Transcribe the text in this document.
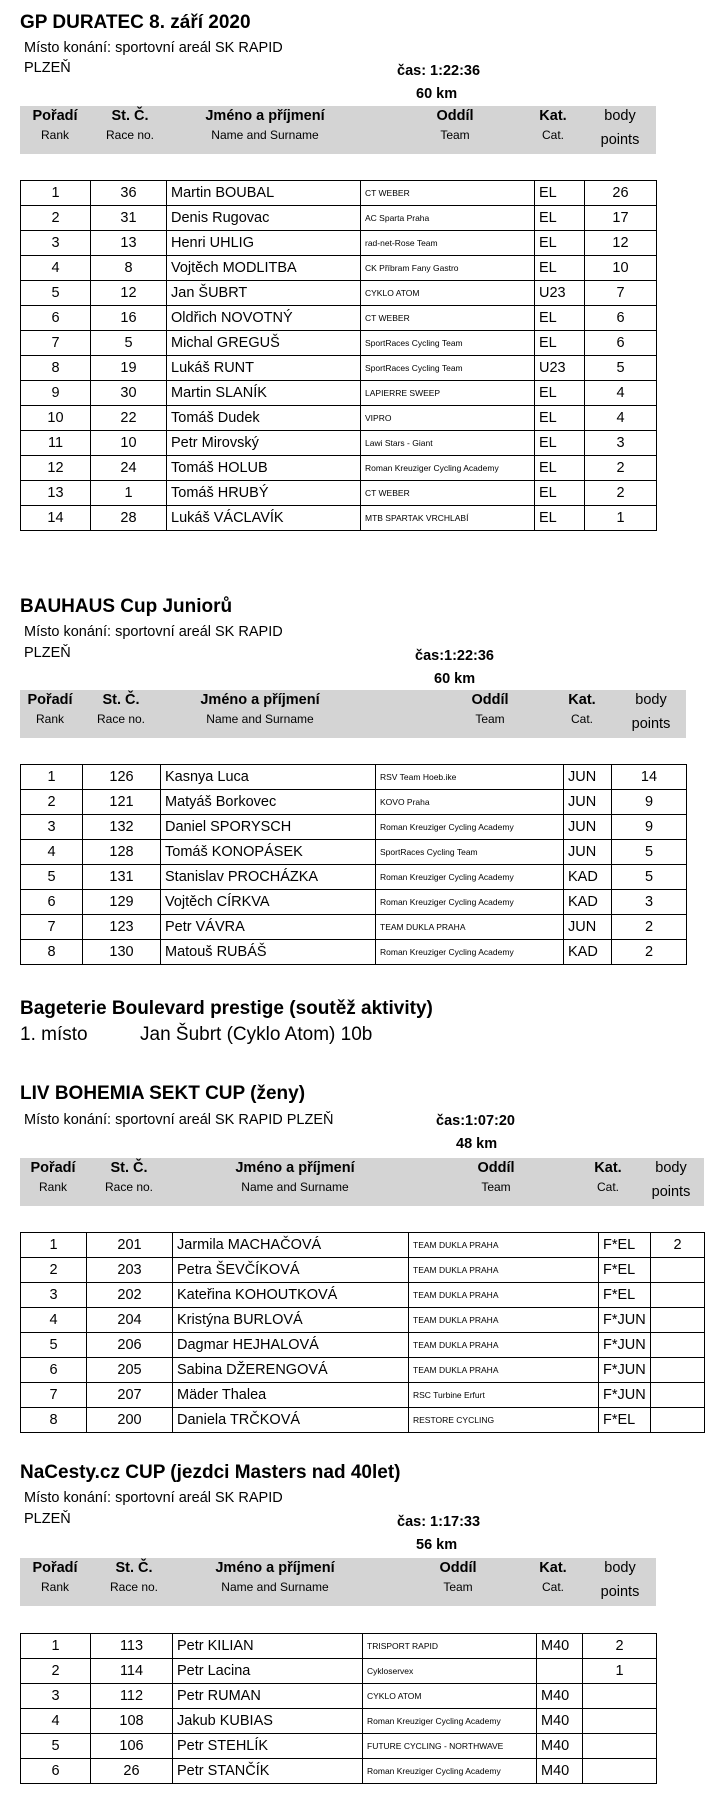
GP DURATEC 8. září 2020
Místo konání: sportovní areál SK RAPID
PLZEŇ	čas: 1:22:36
60 km
Pořadí
Rank
St. Č.
Race no.
Jméno a příjmení
Name and Surname
Oddíl
Team
Kat.
Cat.
body
points
1	36	Martin BOUBAL	CT WEBER	EL	26
2	31	Denis Rugovac	AC Sparta Praha	EL	17
3	13	Henri UHLIG	rad-net-Rose Team	EL	12
4	8	Vojtěch MODLITBA	CK Příbram Fany Gastro	EL	10
5	12	Jan ŠUBRT	CYKLO ATOM	U23	7
6	16	Oldřich NOVOTNÝ	CT WEBER	EL	6
7	5	Michal GREGUŠ	SportRaces Cycling Team	EL	6
8	19	Lukáš RUNT	SportRaces Cycling Team	U23	5
9	30	Martin SLANÍK	LAPIERRE SWEEP	EL	4
10	22	Tomáš Dudek	VIPRO	EL	4
11	10	Petr Mirovský	Lawi Stars - Giant	EL	3
12	24	Tomáš HOLUB	Roman Kreuziger Cycling Academy	EL	2
13	1	Tomáš HRUBÝ	CT WEBER	EL	2
14	28	Lukáš VÁCLAVÍK	MTB SPARTAK VRCHLABÍ	EL	1
BAUHAUS Cup Juniorů
Místo konání: sportovní areál SK RAPID
PLZEŇ	čas:1:22:36
60 km
Pořadí
Rank
St. Č.
Race no.
Jméno a příjmení
Name and Surname
Oddíl
Team
Kat.
Cat.
body
points
1	126	Kasnya Luca	RSV Team Hoeb.ike	JUN	14
2	121	Matyáš Borkovec	KOVO Praha	JUN	9
3	132	Daniel SPORYSCH	Roman Kreuziger Cycling Academy	JUN	9
4	128	Tomáš KONOPÁSEK	SportRaces Cycling Team	JUN	5
5	131	Stanislav PROCHÁZKA	Roman Kreuziger Cycling Academy	KAD	5
6	129	Vojtěch CÍRKVA	Roman Kreuziger Cycling Academy	KAD	3
7	123	Petr VÁVRA	TEAM DUKLA PRAHA	JUN	2
8	130	Matouš RUBÁŠ	Roman Kreuziger Cycling Academy	KAD	2
Bageterie Boulevard prestige (soutěž aktivity)
1. místo	Jan Šubrt (Cyklo Atom) 10b
LIV BOHEMIA SEKT CUP (ženy)
Místo konání: sportovní areál SK RAPID PLZEŇ	čas:1:07:20
48 km
Pořadí
Rank
St. Č.
Race no.
Jméno a příjmení
Name and Surname
Oddíl
Team
Kat.
Cat.
body
points
1	201	Jarmila MACHAČOVÁ	TEAM DUKLA PRAHA	F*EL	2
2	203	Petra ŠEVČÍKOVÁ	TEAM DUKLA PRAHA	F*EL	
3	202	Kateřina KOHOUTKOVÁ	TEAM DUKLA PRAHA	F*EL	
4	204	Kristýna BURLOVÁ	TEAM DUKLA PRAHA	F*JUN	
5	206	Dagmar HEJHALOVÁ	TEAM DUKLA PRAHA	F*JUN	
6	205	Sabina DŽERENGOVÁ	TEAM DUKLA PRAHA	F*JUN	
7	207	Mäder Thalea	RSC Turbine Erfurt	F*JUN	
8	200	Daniela TRČKOVÁ	RESTORE CYCLING	F*EL	
NaCesty.cz CUP (jezdci Masters nad 40let)
Místo konání: sportovní areál SK RAPID
PLZEŇ	čas: 1:17:33
56 km
Pořadí
Rank
St. Č.
Race no.
Jméno a příjmení
Name and Surname
Oddíl
Team
Kat.
Cat.
body
points
1	113	Petr KILIAN	TRISPORT RAPID	M40	2
2	114	Petr Lacina	Cykloservex		1
3	112	Petr RUMAN	CYKLO ATOM	M40	
4	108	Jakub KUBIAS	Roman Kreuziger Cycling Academy	M40	
5	106	Petr STEHLÍK	FUTURE CYCLING - NORTHWAVE	M40	
6	26	Petr STANČÍK	Roman Kreuziger Cycling Academy	M40	
